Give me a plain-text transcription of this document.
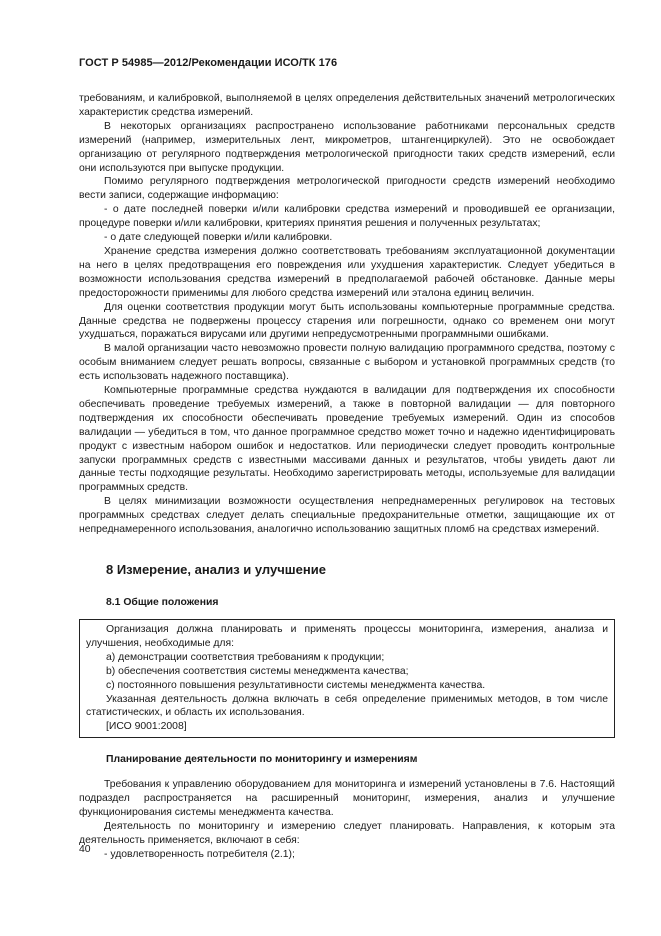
ГОСТ Р 54985—2012/Рекомендации ИСО/ТК 176

требованиям, и калибровкой, выполняемой в целях определения действительных значений метрологических характеристик средства измерений.

В некоторых организациях распространено использование работниками персональных средств измерений (например, измерительных лент, микрометров, штангенциркулей). Это не освобождает организацию от регулярного подтверждения метрологической пригодности таких средств измерений, если они используются при выпуске продукции.

Помимо регулярного подтверждения метрологической пригодности средств измерений необходимо вести записи, содержащие информацию:

- о дате последней поверки и/или калибровки средства измерений и проводившей ее организации, процедуре поверки и/или калибровки, критериях принятия решения и полученных результатах;

- о дате следующей поверки и/или калибровки.

Хранение средства измерения должно соответствовать требованиям эксплуатационной документации на него в целях предотвращения его повреждения или ухудшения характеристик. Следует убедиться в возможности использования средства измерений в предполагаемой рабочей обстановке. Данные меры предосторожности применимы для любого средства измерений или эталона единиц величин.

Для оценки соответствия продукции могут быть использованы компьютерные программные средства. Данные средства не подвержены процессу старения или погрешности, однако со временем они могут ухудшаться, поражаться вирусами или другими непредусмотренными программными ошибками.

В малой организации часто невозможно провести полную валидацию программного средства, поэтому с особым вниманием следует решать вопросы, связанные с выбором и установкой программных средств (то есть использовать надежного поставщика).

Компьютерные программные средства нуждаются в валидации для подтверждения их способности обеспечивать проведение требуемых измерений, а также в повторной валидации — для повторного подтверждения их способности обеспечивать проведение требуемых измерений. Один из способов валидации — убедиться в том, что данное программное средство может точно и надежно идентифицировать продукт с известным набором ошибок и недостатков. Или периодически следует проводить контрольные запуски программных средств с известными массивами данных и результатов, чтобы увидеть дают ли данные тесты подходящие результаты. Необходимо зарегистрировать методы, используемые для валидации программных средств.

В целях минимизации возможности осуществления непреднамеренных регулировок на тестовых программных средствах следует делать специальные предохранительные отметки, защищающие их от непреднамеренного использования, аналогично использованию защитных пломб на средствах измерений.

8 Измерение, анализ и улучшение
8.1 Общие положения

Организация должна планировать и применять процессы мониторинга, измерения, анализа и улучшения, необходимые для:

a) демонстрации соответствия требованиям к продукции;

b) обеспечения соответствия системы менеджмента качества;

c) постоянного повышения результативности системы менеджмента качества.

Указанная деятельность должна включать в себя определение применимых методов, в том числе статистических, и область их использования.

[ИСО 9001:2008]

Планирование деятельности по мониторингу и измерениям

Требования к управлению оборудованием для мониторинга и измерений установлены в 7.6. Настоящий подраздел распространяется на расширенный мониторинг, измерения, анализ и улучшение функционирования системы менеджмента качества.

Деятельность по мониторингу и измерению следует планировать. Направления, к которым эта деятельность применяется, включают в себя:

- удовлетворенность потребителя (2.1);

40
